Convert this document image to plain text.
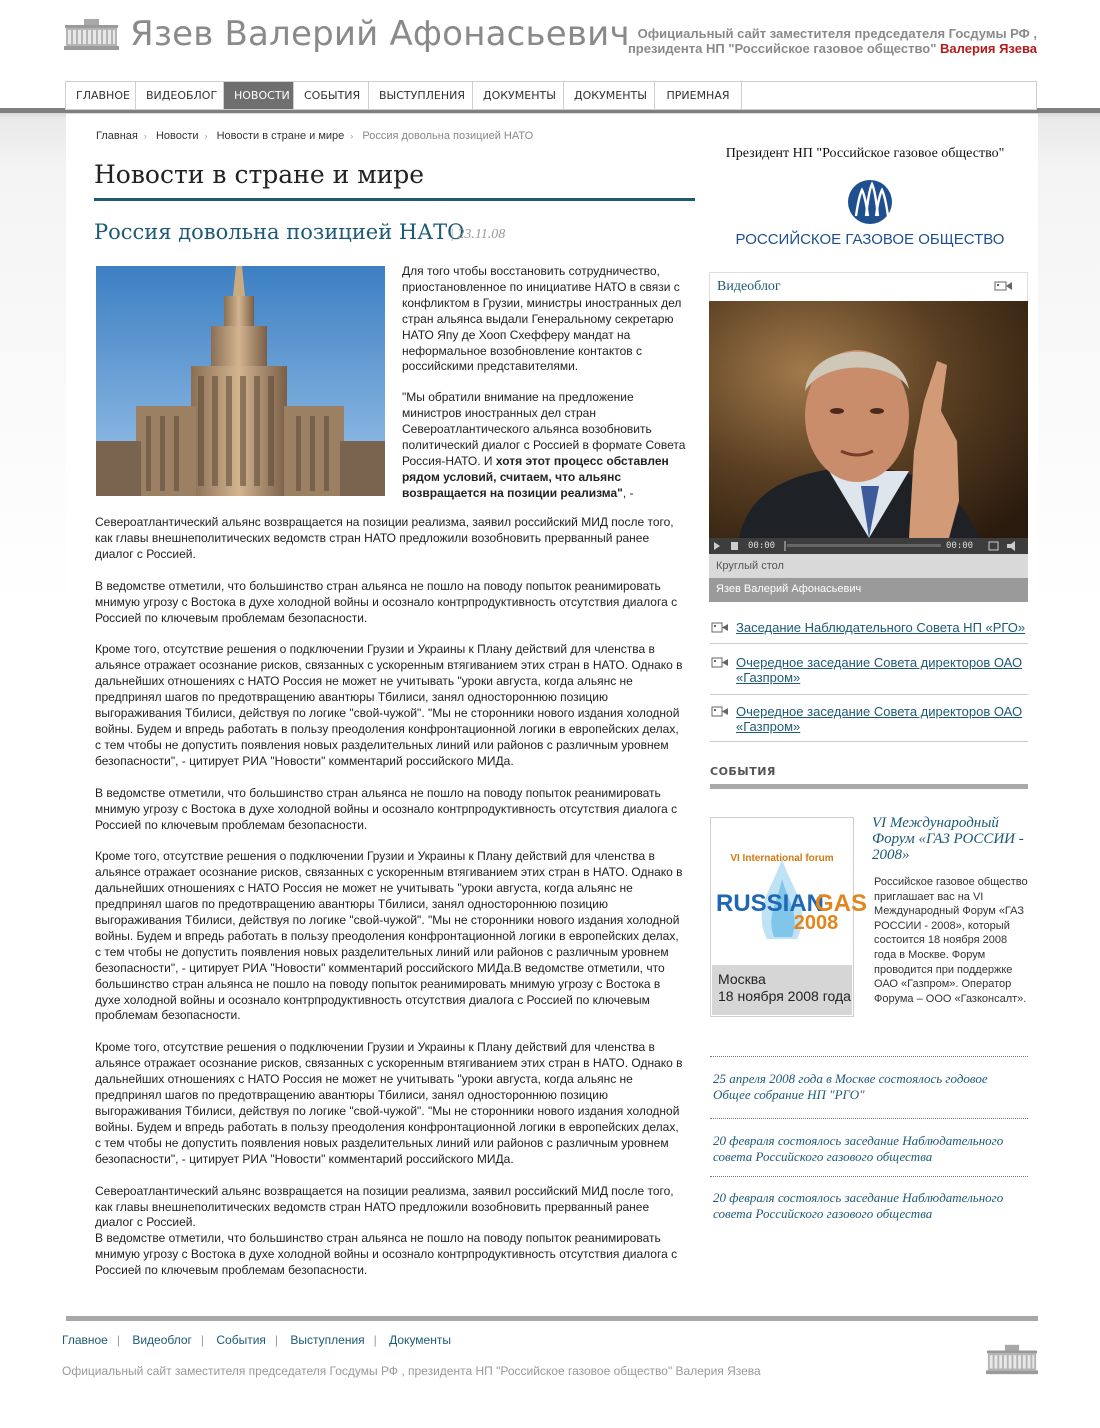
Язев Валерий Афонасьевич Официальный сайт заместителя председателя Госдумы РФ ,
президента НП "Российское газовое общество" Валерия Язева
ГЛАВНОЕ	ВИДЕОБЛОГ	НОВОСТИ	СОБЫТИЯ	ВЫСТУПЛЕНИЯ	ДОКУМЕНТЫ	ДОКУМЕНТЫ	ПРИЕМНАЯ
Главная › Новости › Новости в стране и мире › Россия довольна позицией НАТО
Новости в стране и мире
Россия довольна позицией НАТО
| 23.11.08

Для того чтобы восстановить сотрудничество, приостановленное по инициативе НАТО в связи с конфликтом в Грузии, министры иностранных дел стран альянса выдали Генеральному секретарю НАТО Япу де Хооп Схефферу мандат на неформальное возобновление контактов с российскими представителями.

"Мы обратили внимание на предложение министров иностранных дел стран Североатлантического альянса возобновить политический диалог с Россией в формате Совета Россия-НАТО. И хотя этот процесс обставлен рядом условий, считаем, что альянс возвращается на позиции реализма", -

Североатлантический альянс возвращается на позиции реализма, заявил российский МИД после того, как главы внешнеполитических ведомств стран НАТО предложили возобновить прерванный ранее диалог с Россией.

В ведомстве отметили, что большинство стран альянса не пошло на поводу попыток реанимировать мнимую угрозу с Востока в духе холодной войны и осознало контрпродуктивность отсутствия диалога с Россией по ключевым проблемам безопасности.

Кроме того, отсутствие решения о подключении Грузии и Украины к Плану действий для членства в альянсе отражает осознание рисков, связанных с ускоренным втягиванием этих стран в НАТО. Однако в дальнейших отношениях с НАТО Россия не может не учитывать "уроки августа, когда альянс не предпринял шагов по предотвращению авантюры Тбилиси, занял одностороннюю позицию выгораживания Тбилиси, действуя по логике "свой-чужой". "Мы не сторонники нового издания холодной войны. Будем и впредь работать в пользу преодоления конфронтационной логики в европейских делах, с тем чтобы не допустить появления новых разделительных линий или районов с различным уровнем безопасности", - цитирует РИА "Новости" комментарий российского МИДа.

В ведомстве отметили, что большинство стран альянса не пошло на поводу попыток реанимировать мнимую угрозу с Востока в духе холодной войны и осознало контрпродуктивность отсутствия диалога с Россией по ключевым проблемам безопасности.

Кроме того, отсутствие решения о подключении Грузии и Украины к Плану действий для членства в альянсе отражает осознание рисков, связанных с ускоренным втягиванием этих стран в НАТО. Однако в дальнейших отношениях с НАТО Россия не может не учитывать "уроки августа, когда альянс не предпринял шагов по предотвращению авантюры Тбилиси, занял одностороннюю позицию выгораживания Тбилиси, действуя по логике "свой-чужой". "Мы не сторонники нового издания холодной войны. Будем и впредь работать в пользу преодоления конфронтационной логики в европейских делах, с тем чтобы не допустить появления новых разделительных линий или районов с различным уровнем безопасности", - цитирует РИА "Новости" комментарий российского МИДа.В ведомстве отметили, что большинство стран альянса не пошло на поводу попыток реанимировать мнимую угрозу с Востока в духе холодной войны и осознало контрпродуктивность отсутствия диалога с Россией по ключевым проблемам безопасности.

Кроме того, отсутствие решения о подключении Грузии и Украины к Плану действий для членства в альянсе отражает осознание рисков, связанных с ускоренным втягиванием этих стран в НАТО. Однако в дальнейших отношениях с НАТО Россия не может не учитывать "уроки августа, когда альянс не предпринял шагов по предотвращению авантюры Тбилиси, занял одностороннюю позицию выгораживания Тбилиси, действуя по логике "свой-чужой". "Мы не сторонники нового издания холодной войны. Будем и впредь работать в пользу преодоления конфронтационной логики в европейских делах, с тем чтобы не допустить появления новых разделительных линий или районов с различным уровнем безопасности", - цитирует РИА "Новости" комментарий российского МИДа.

Североатлантический альянс возвращается на позиции реализма, заявил российский МИД после того, как главы внешнеполитических ведомств стран НАТО предложили возобновить прерванный ранее диалог с Россией.
В ведомстве отметили, что большинство стран альянса не пошло на поводу попыток реанимировать мнимую угрозу с Востока в духе холодной войны и осознало контрпродуктивность отсутствия диалога с Россией по ключевым проблемам безопасности.

Президент НП "Российское газовое общество"
РОССИЙСКОЕ ГАЗОВОЕ ОБЩЕСТВО
Видеоблог
00:00	00:00
Круглый стол
Язев Валерий Афонасьевич
Заседание Наблюдательного Совета НП «РГО»
Очередное заседание Совета директоров ОАО «Газпром»
Очередное заседание Совета директоров ОАО «Газпром»
СОБЫТИЯ
VI International forum
RUSSIAN
GAS
2008
Москва
18 ноября 2008 года
VI Международный Форум «ГАЗ РОССИИ - 2008»
Российское газовое общество приглашает вас на VI Международный Форум «ГАЗ РОССИИ - 2008», который состоится 18 ноября 2008 года в Москве. Форум проводится при поддержке ОАО «Газпром». Оператор Форума – ООО «Газконсалт».
25 апреля 2008 года в Москве состоялось годовое Общее собрание НП "РГО"
20 февраля состоялось заседание Наблюдательного совета Российского газового общества
20 февраля состоялось заседание Наблюдательного совета Российского газового общества
Главное | Видеоблог | События | Выступления | Документы
Официальный сайт заместителя председателя Госдумы РФ , президента НП "Российское газовое общество" Валерия Язева
